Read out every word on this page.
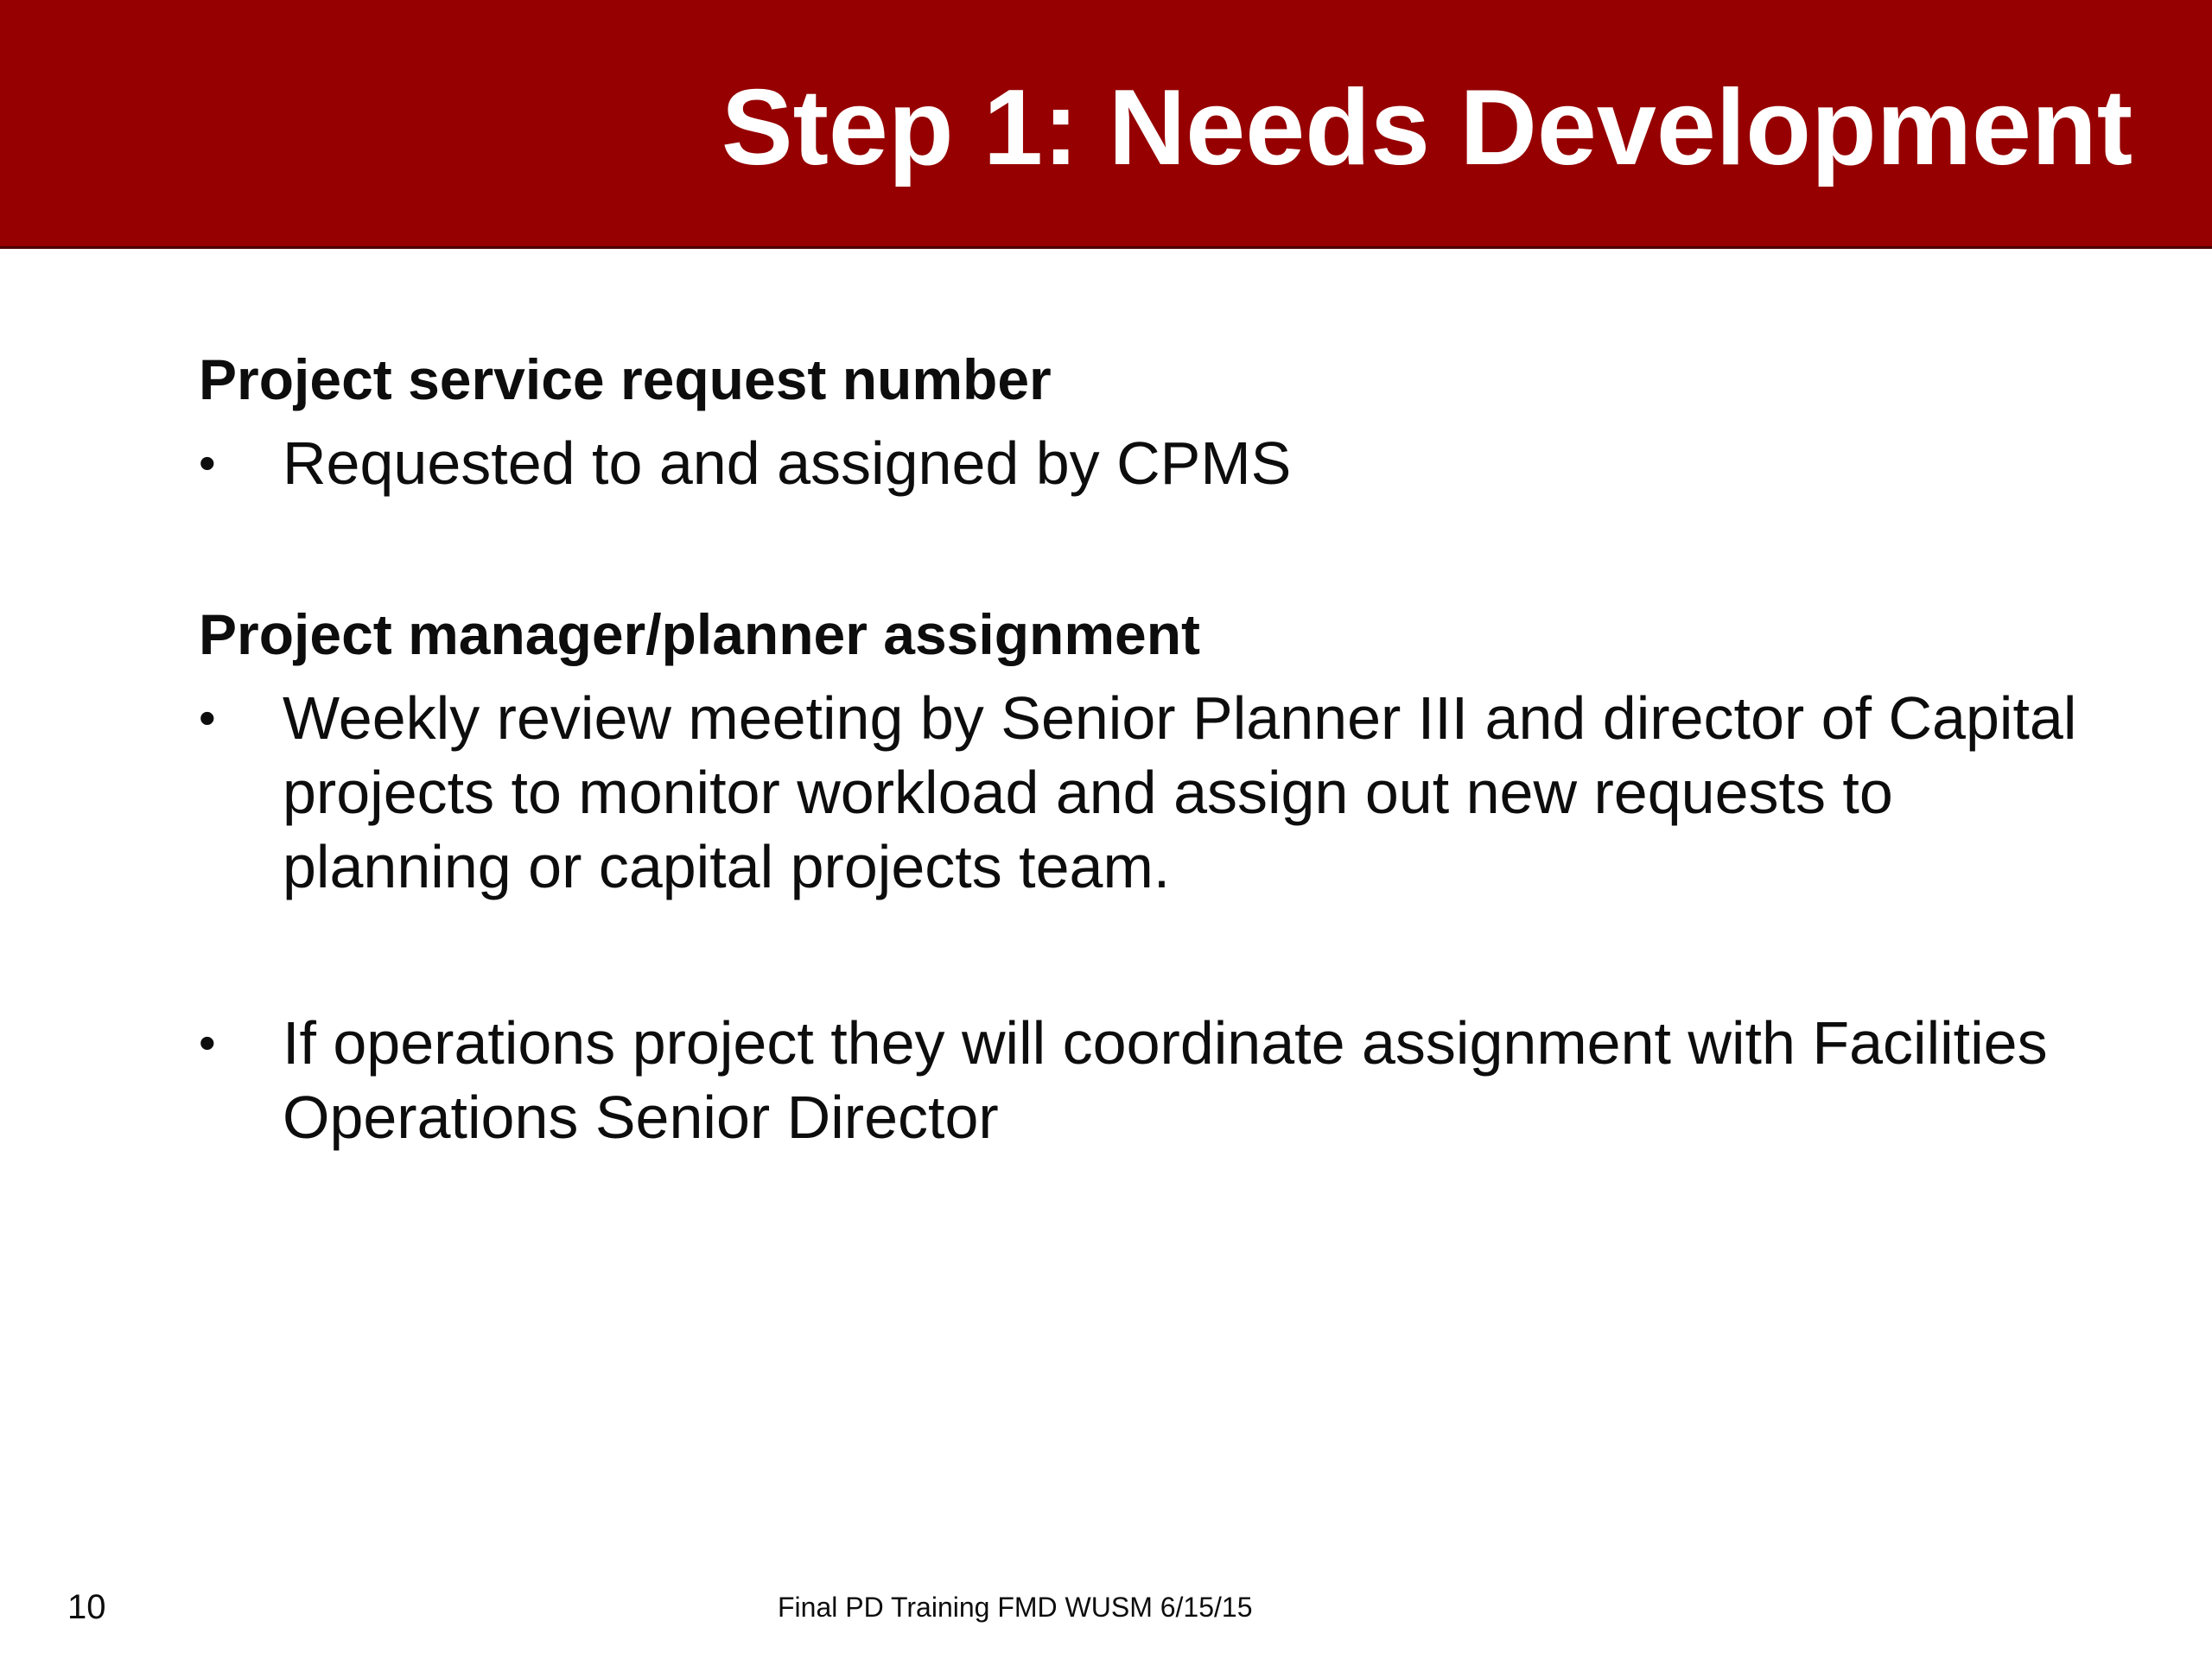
Step 1: Needs Development
Project service request number
• Requested to and assigned by CPMS
Project manager/planner assignment
• Weekly review meeting by Senior Planner III and director of Capital projects to monitor workload and assign out new requests to planning or capital projects team.
• If operations project they will coordinate assignment with Facilities Operations Senior Director
10	Final PD Training FMD WUSM 6/15/15
